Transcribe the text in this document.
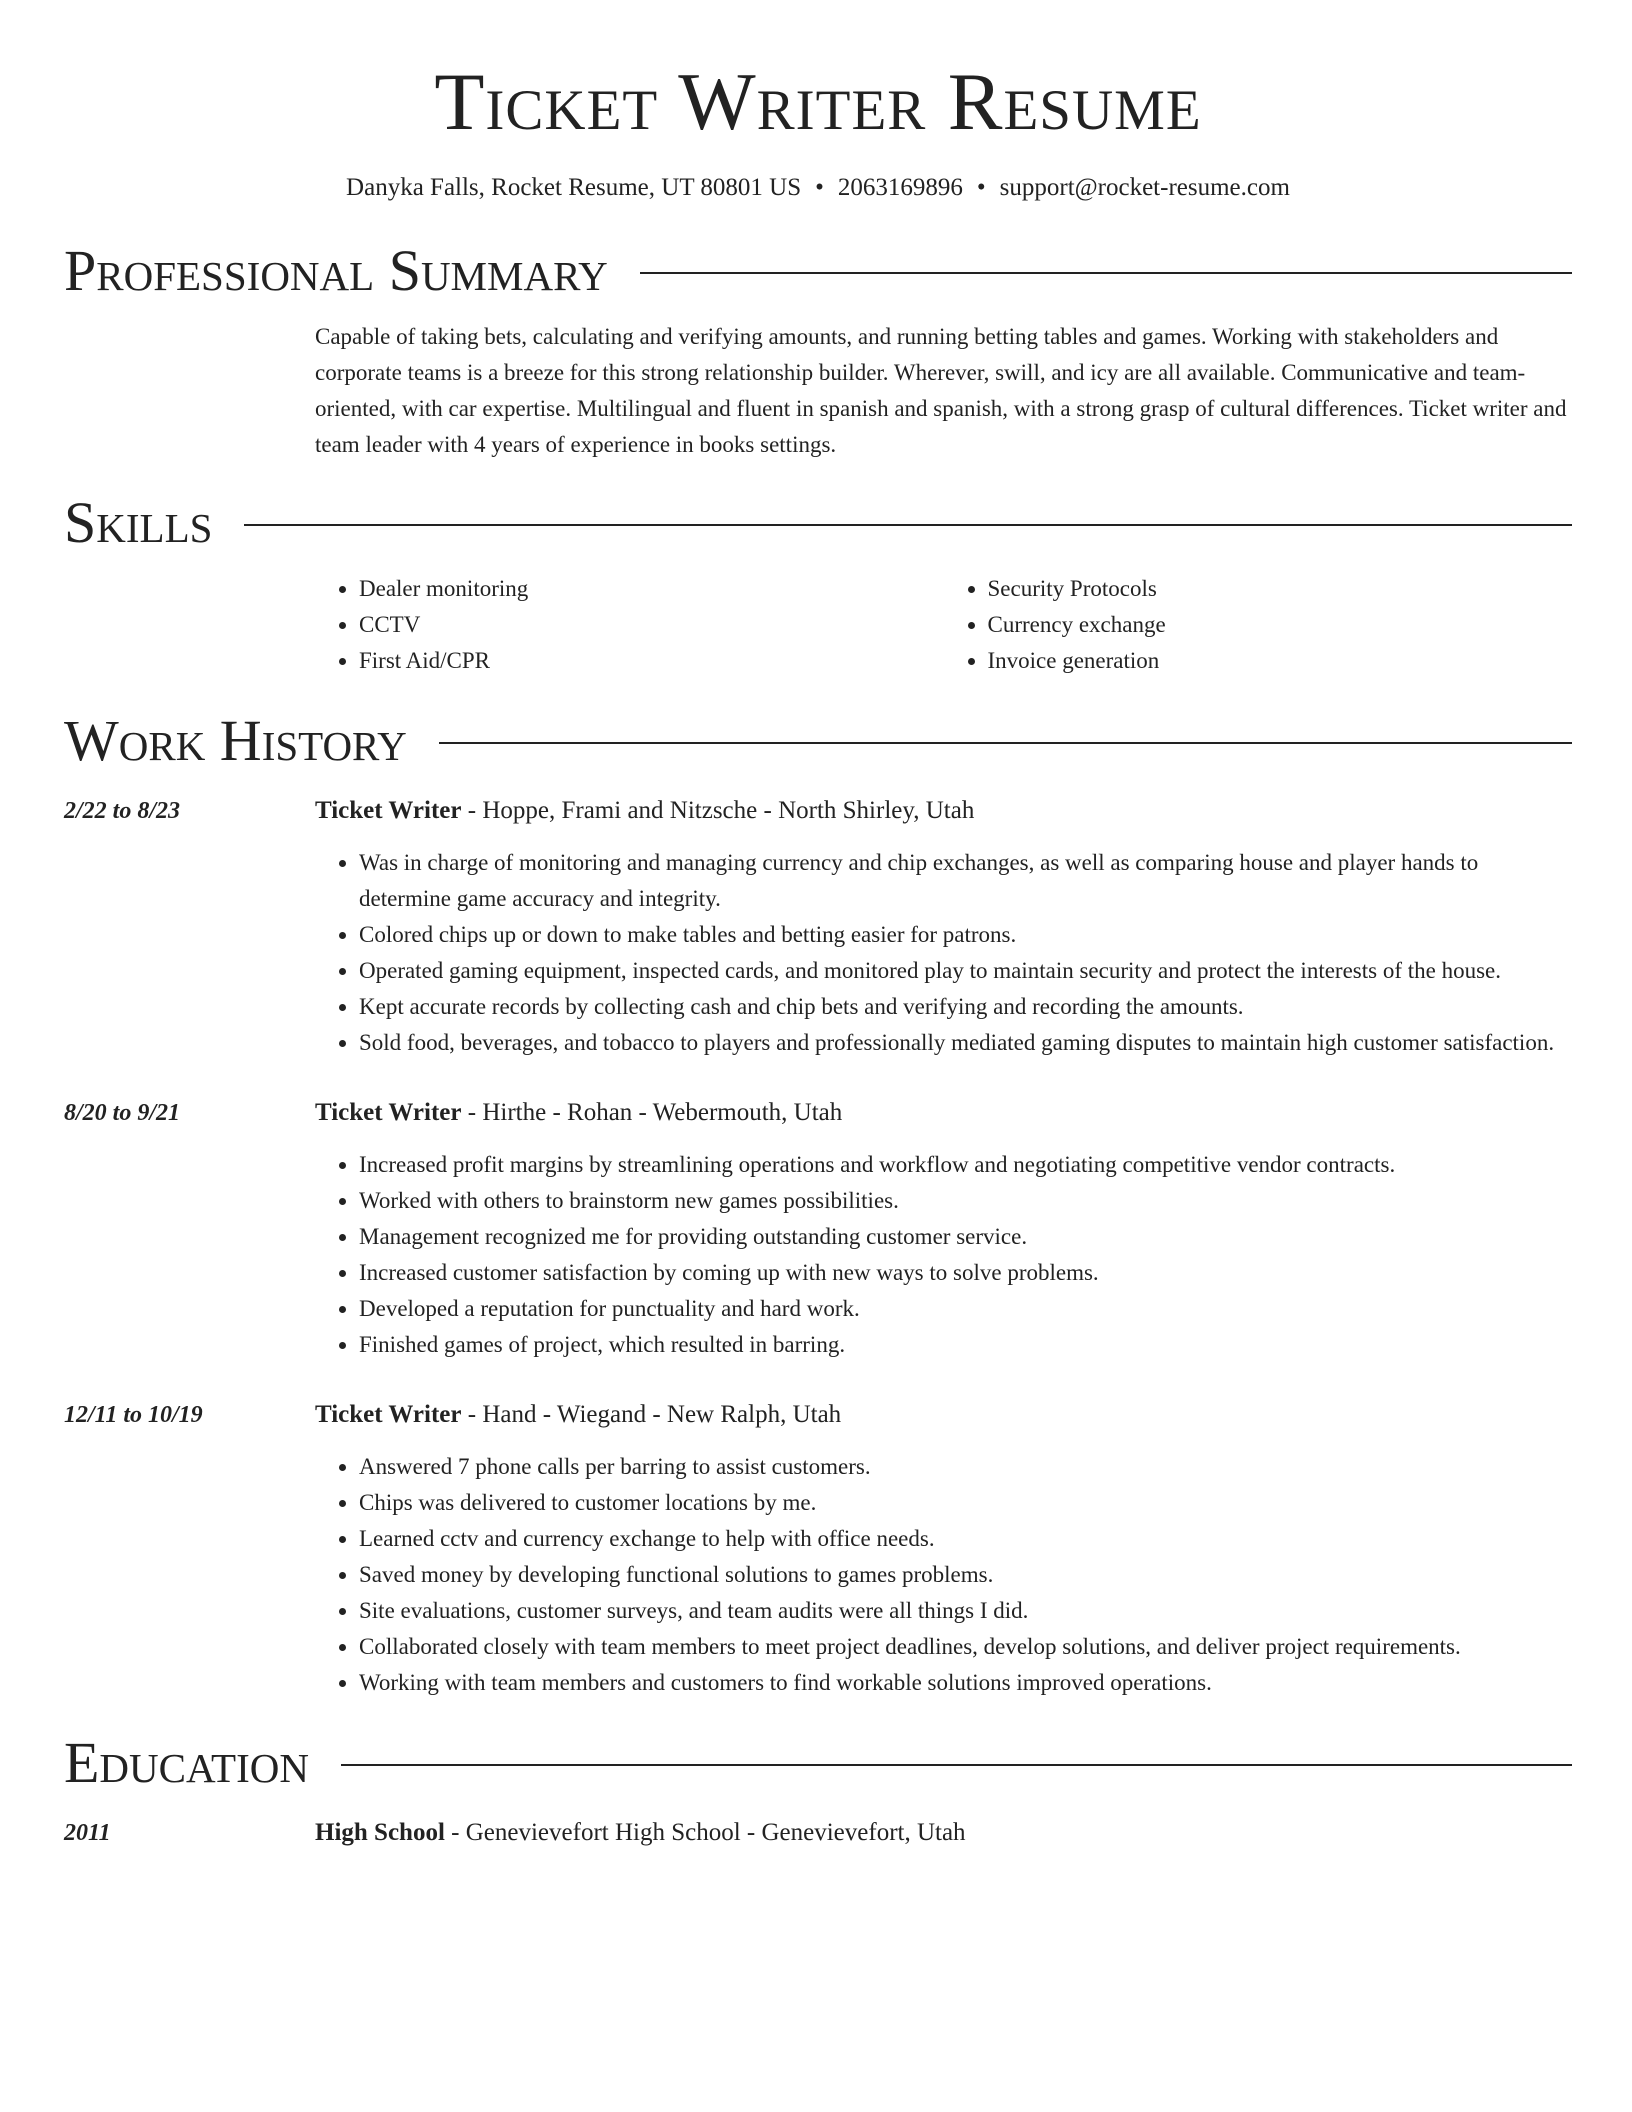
Ticket Writer Resume
Danyka Falls, Rocket Resume, UT 80801 US • 2063169896 • support@rocket-resume.com
Professional Summary

Capable of taking bets, calculating and verifying amounts, and running betting tables and games. Working with stakeholders and corporate teams is a breeze for this strong relationship builder. Wherever, swill, and icy are all available. Communicative and team-oriented, with car expertise. Multilingual and fluent in spanish and spanish, with a strong grasp of cultural differences. Ticket writer and team leader with 4 years of experience in books settings.

Skills
• Dealer monitoring
• CCTV
• First Aid/CPR
• Security Protocols
• Currency exchange
• Invoice generation
Work History
2/22 to 8/23	Ticket Writer - Hoppe, Frami and Nitzsche - North Shirley, Utah
• Was in charge of monitoring and managing currency and chip exchanges, as well as comparing house and player hands to determine game accuracy and integrity.
• Colored chips up or down to make tables and betting easier for patrons.
• Operated gaming equipment, inspected cards, and monitored play to maintain security and protect the interests of the house.
• Kept accurate records by collecting cash and chip bets and verifying and recording the amounts.
• Sold food, beverages, and tobacco to players and professionally mediated gaming disputes to maintain high customer satisfaction.
8/20 to 9/21	Ticket Writer - Hirthe - Rohan - Webermouth, Utah
• Increased profit margins by streamlining operations and workflow and negotiating competitive vendor contracts.
• Worked with others to brainstorm new games possibilities.
• Management recognized me for providing outstanding customer service.
• Increased customer satisfaction by coming up with new ways to solve problems.
• Developed a reputation for punctuality and hard work.
• Finished games of project, which resulted in barring.
12/11 to 10/19	Ticket Writer - Hand - Wiegand - New Ralph, Utah
• Answered 7 phone calls per barring to assist customers.
• Chips was delivered to customer locations by me.
• Learned cctv and currency exchange to help with office needs.
• Saved money by developing functional solutions to games problems.
• Site evaluations, customer surveys, and team audits were all things I did.
• Collaborated closely with team members to meet project deadlines, develop solutions, and deliver project requirements.
• Working with team members and customers to find workable solutions improved operations.
Education
2011	High School - Genevievefort High School - Genevievefort, Utah
